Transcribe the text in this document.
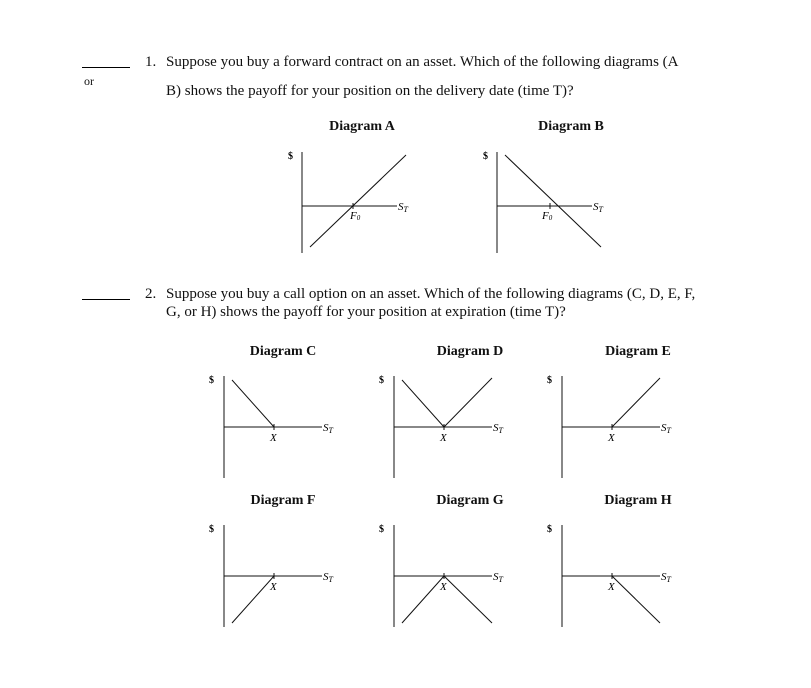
or
1. Suppose you buy a forward contract on an asset. Which of the following diagrams (A
B) shows the payoff for your position on the delivery date (time T)?
Diagram A	Diagram B
$
ST
F0
$
ST
F0
2. Suppose you buy a call option on an asset. Which of the following diagrams (C, D, E, F,
G, or H) shows the payoff for your position at expiration (time T)?
Diagram C	Diagram D	Diagram E
Diagram F	Diagram G	Diagram H
$
ST
X
$
ST
X
$
ST
X
$
ST
X
$
ST
X
$
ST
X
